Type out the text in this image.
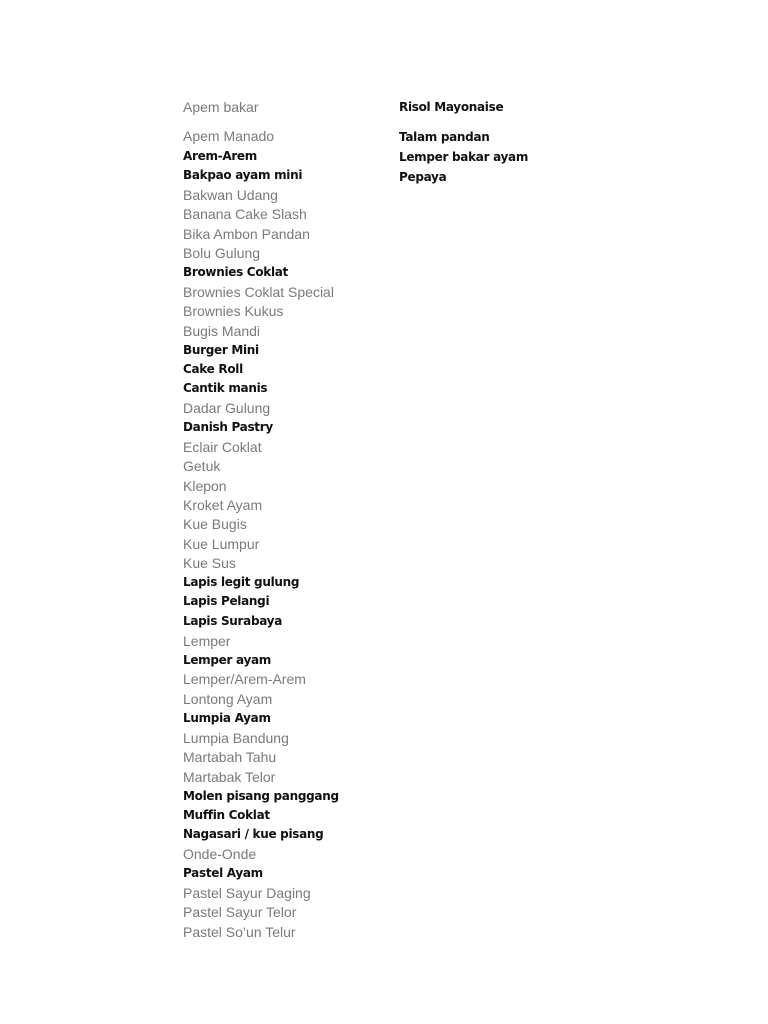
Apem bakar
Apem Manado
Arem-Arem
Bakpao ayam mini
Bakwan Udang
Banana Cake Slash
Bika Ambon Pandan
Bolu Gulung
Brownies Coklat
Brownies Coklat Special
Brownies Kukus
Bugis Mandi
Burger Mini
Cake Roll
Cantik manis
Dadar Gulung
Danish Pastry
Eclair Coklat
Getuk
Klepon
Kroket Ayam
Kue Bugis
Kue Lumpur
Kue Sus
Lapis legit gulung
Lapis Pelangi
Lapis Surabaya
Lemper
Lemper ayam
Lemper/Arem-Arem
Lontong Ayam
Lumpia Ayam
Lumpia Bandung
Martabah Tahu
Martabak Telor
Molen pisang panggang
Muffin Coklat
Nagasari / kue pisang
Onde-Onde
Pastel Ayam
Pastel Sayur Daging
Pastel Sayur Telor
Pastel So’un Telur
Risol Mayonaise
Talam pandan
Lemper bakar ayam
Pepaya
